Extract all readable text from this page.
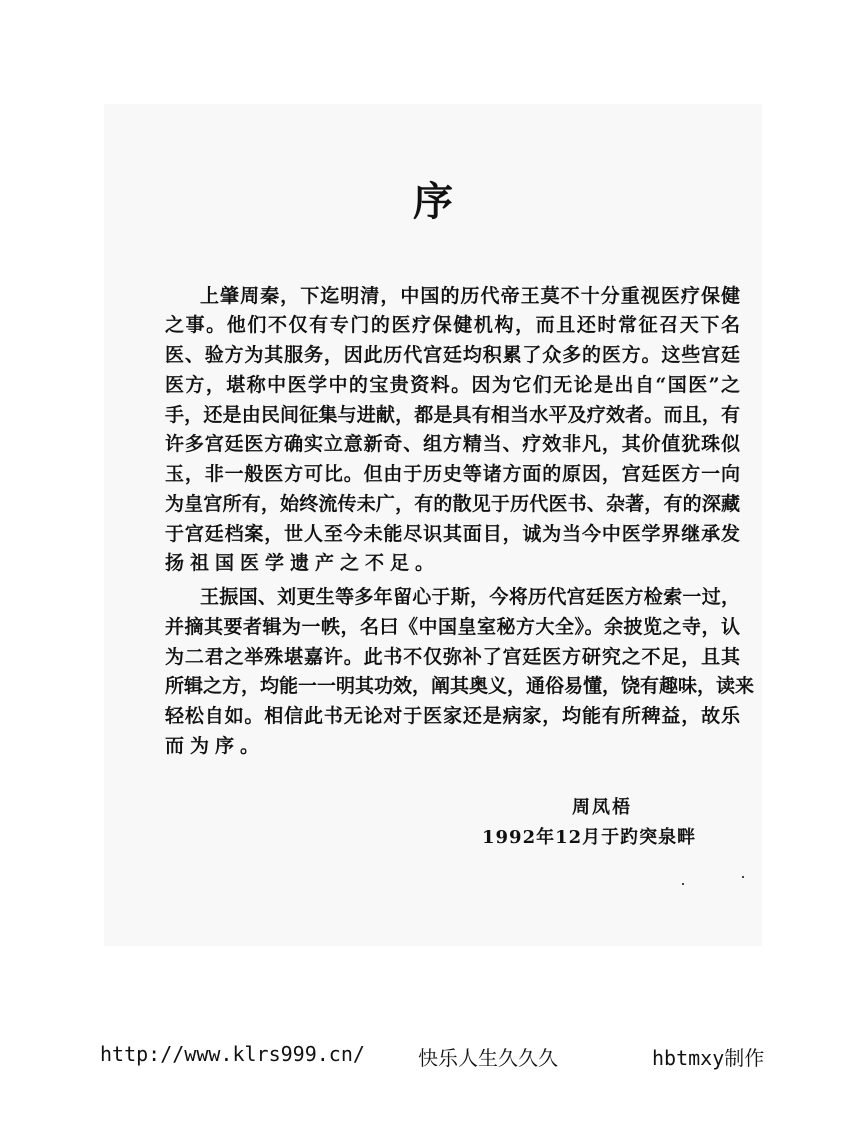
序
上肇周秦，下迄明清，中国的历代帝王莫不十分重视医疗保健
之事。他们不仅有专门的医疗保健机构，而且还时常征召天下名
医、验方为其服务，因此历代宫廷均积累了众多的医方。这些宫廷
医方，堪称中医学中的宝贵资料。因为它们无论是出自“国医”之
手，还是由民间征集与进献，都是具有相当水平及疗效者。而且，有
许多宫廷医方确实立意新奇、组方精当、疗效非凡，其价值犹珠似
玉，非一般医方可比。但由于历史等诸方面的原因，宫廷医方一向
为皇宫所有，始终流传未广，有的散见于历代医书、杂著，有的深藏
于宫廷档案，世人至今未能尽识其面目，诚为当今中医学界继承发
扬祖国医学遗产之不足。
王振国、刘更生等多年留心于斯，今将历代宫廷医方检索一过，
并摘其要者辑为一帙，名曰《中国皇室秘方大全》。余披览之寺，认
为二君之举殊堪嘉许。此书不仅弥补了宫廷医方研究之不足，且其
所辑之方，均能一一明其功效，阐其奥义，通俗易懂，饶有趣味，读来
轻松自如。相信此书无论对于医家还是病家，均能有所稗益，故乐
而为序。
周凤梧
1992年12月于趵突泉畔
http://www.klrs999.cn/	快乐人生久久久	hbtmxy制作
